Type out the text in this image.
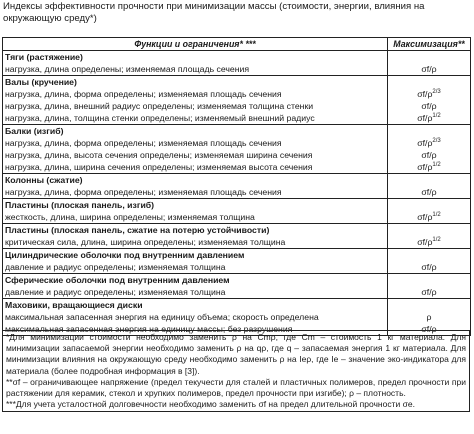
Индексы эффективности прочности при минимизации массы (стоимости, энергии, влияния на окружающую среду*)
Функции и ограничения* ***	Максимизация**
Тяги (растяжение)	
нагрузка, длина определены; изменяемая площадь сечения	σf/ρ
Валы (кручение)	
нагрузка, длина, форма определены; изменяемая площадь сечения	$\sigma f/\rho^{2/3}$
нагрузка, длина, внешний радиус определены; изменяемая толщина стенки	σf/ρ
нагрузка, длина, толщина стенки определены; изменяемый внешний радиус	$\sigma f/\rho^{1/2}$
Балки (изгиб)	
нагрузка, длина, форма определены; изменяемая площадь сечения	$\sigma f/\rho^{2/3}$
нагрузка, длина, высота сечения определены; изменяемая ширина сечения	σf/ρ
нагрузка, длина, ширина сечения определены; изменяемая высота сечения	$\sigma f/\rho^{1/2}$
Колонны (сжатие)	
нагрузка, длина, форма определены; изменяемая площадь сечения	σf/ρ
Пластины (плоская панель, изгиб)	
жесткость, длина, ширина определены; изменяемая толщина	$\sigma f/\rho^{1/2}$
Пластины (плоская панель, сжатие на потерю устойчивости)	
критическая сила, длина, ширина определены; изменяемая толщина	$\sigma f/\rho^{1/2}$
Цилиндрические оболочки под внутренним давлением	
давление и радиус определены; изменяемая толщина	σf/ρ
Сферические оболочки под внутренним давлением	
давление и радиус определены; изменяемая толщина	σf/ρ
Маховики, вращающиеся диски	
максимальная запасенная энергия на единицу объема; скорость определена	ρ
максимальная запасенная энергия на единицу массы; без разрушения	σf/ρ

*Для минимизации стоимости необходимо заменить ρ на Cmρ, где Cm – стоимость 1 кг материала. Для минимизации запасаемой энергии необходимо заменить ρ на qρ, где q – запасаемая энергия 1 кг материала. Для минимизации влияния на окружающую среду необходимо заменить ρ на Ieρ, где Ie – значение эко-индикатора для материала (более подробная информация в [3]).

**σf – ограничивающее напряжение (предел текучести для сталей и пластичных полимеров, предел прочности при растяжении для керамик, стекол и хрупких полимеров, предел прочности при изгибе); ρ – плотность.

***Для учета усталостной долговечности необходимо заменить σf на предел длительной прочности σe.
